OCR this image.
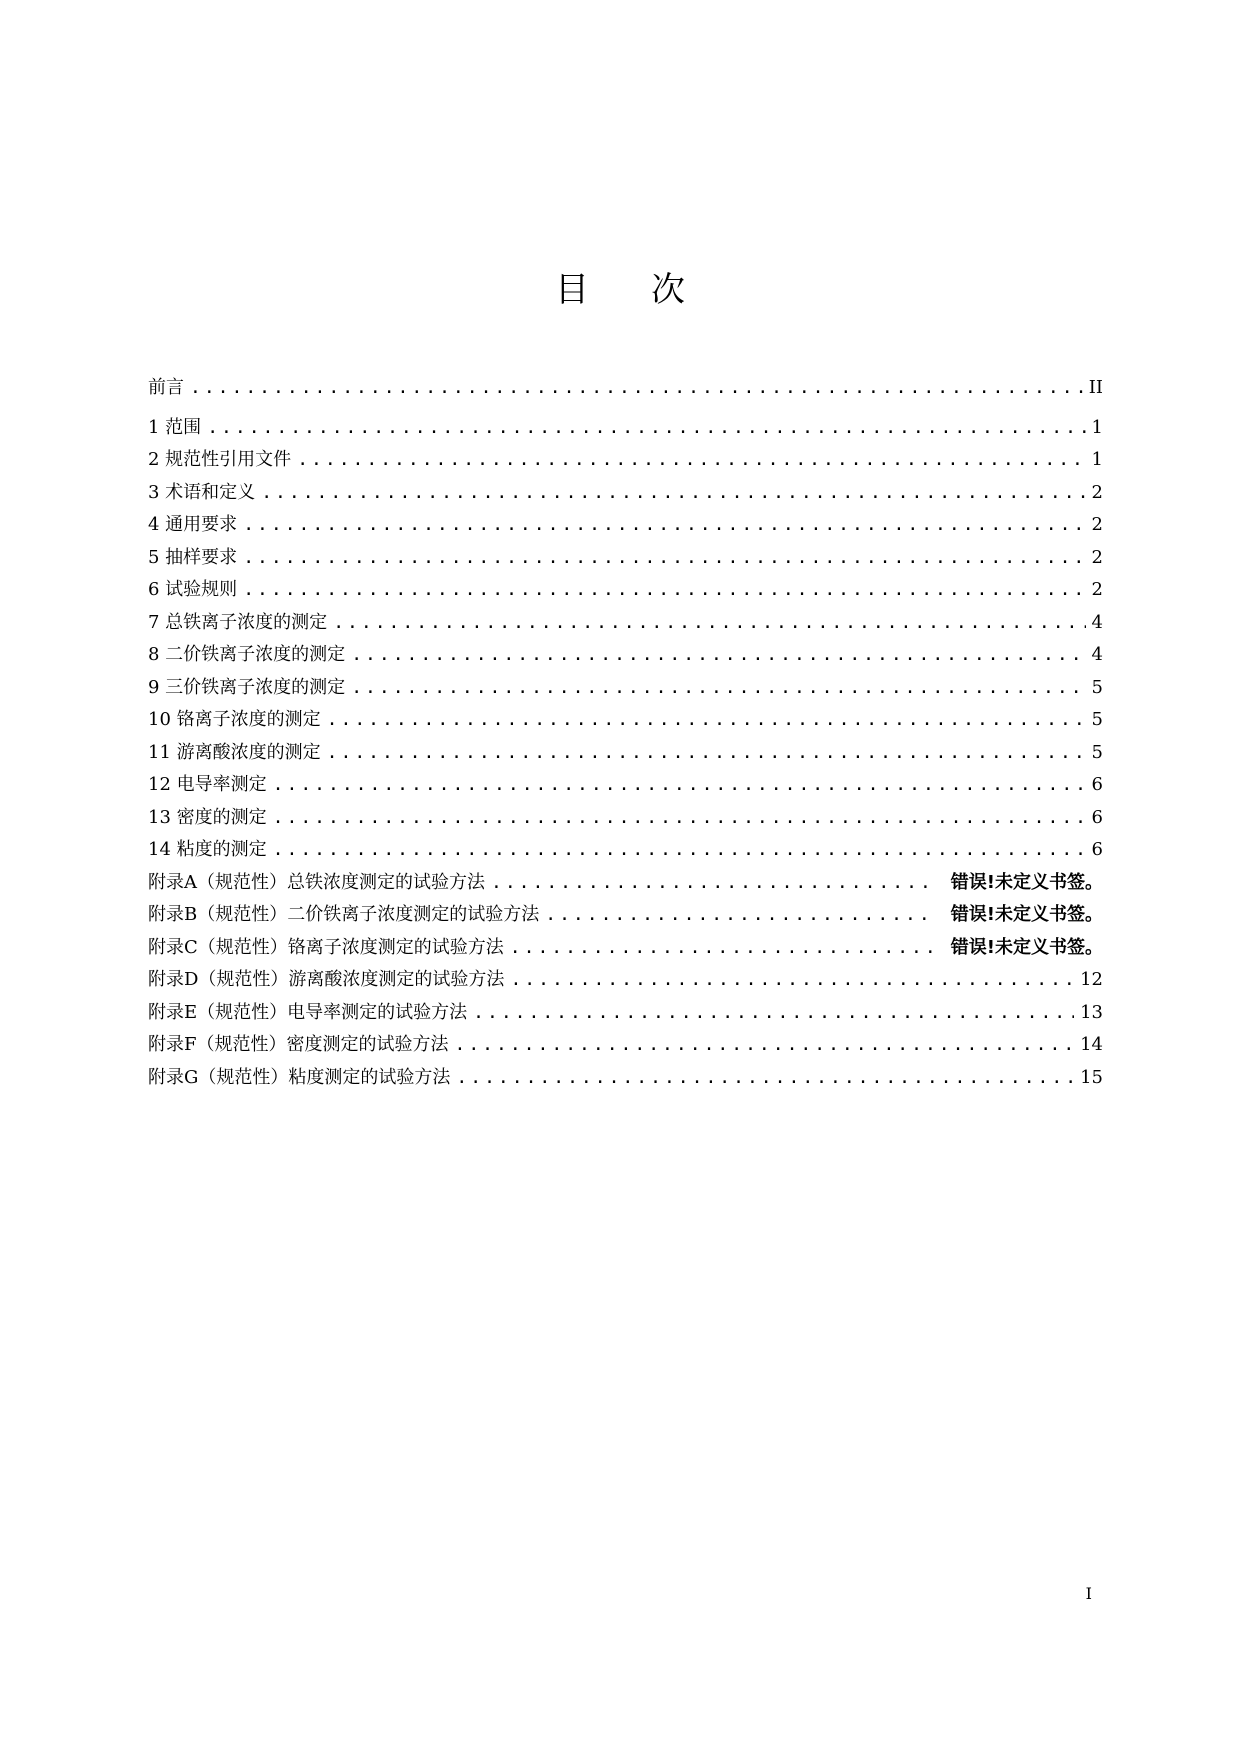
目次
前言 .....	II
1 范围 .....	1
2 规范性引用文件 .....	1
3 术语和定义 .....	2
4 通用要求 .....	2
5 抽样要求 .....	2
6 试验规则 .....	2
7 总铁离子浓度的测定 .....	4
8 二价铁离子浓度的测定 .....	4
9 三价铁离子浓度的测定 .....	5
10 铬离子浓度的测定 .....	5
11 游离酸浓度的测定 .....	5
12 电导率测定 .....	6
13 密度的测定 .....	6
14 粘度的测定 .....	6
附录A（规范性）总铁浓度测定的试验方法 .....	错误!未定义书签。
附录B（规范性）二价铁离子浓度测定的试验方法 .....	错误!未定义书签。
附录C（规范性）铬离子浓度测定的试验方法 .....	错误!未定义书签。
附录D（规范性）游离酸浓度测定的试验方法 .....	12
附录E（规范性）电导率测定的试验方法 .....	13
附录F（规范性）密度测定的试验方法 .....	14
附录G（规范性）粘度测定的试验方法 .....	15
I
